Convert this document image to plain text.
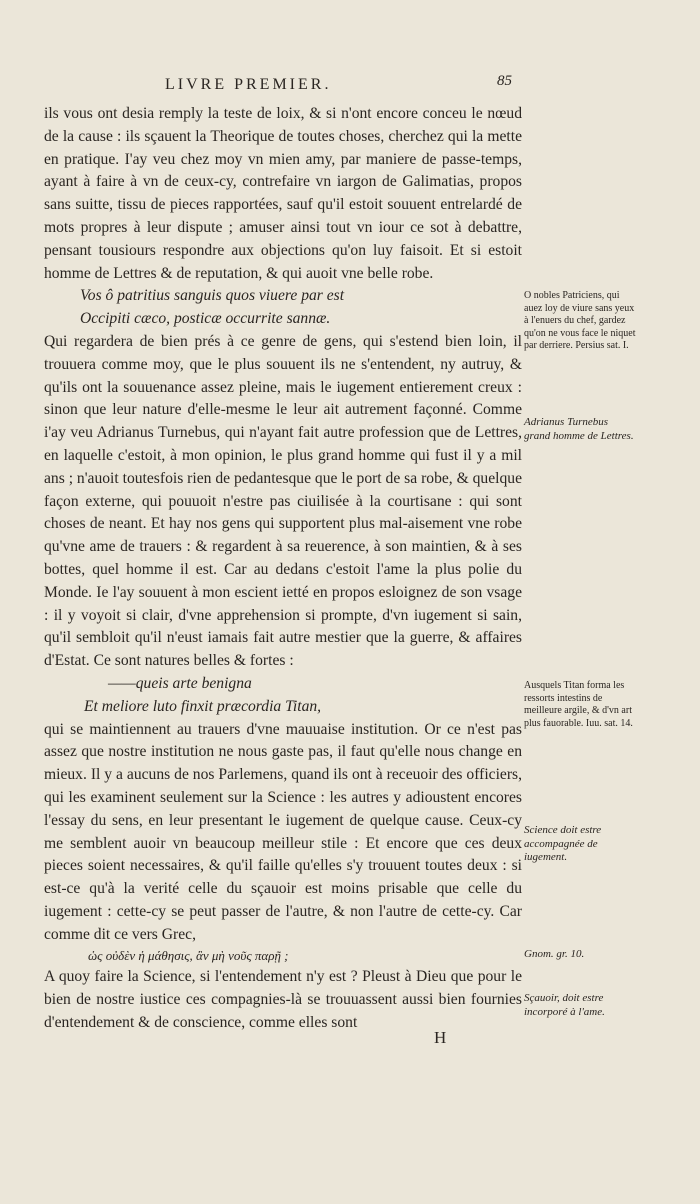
LIVRE PREMIER.	85

ils vous ont desia remply la teste de loix, & si n'ont encore conceu le nœud de la cause : ils sçauent la Theorique de toutes choses, cherchez qui la mette en pratique. I'ay veu chez moy vn mien amy, par maniere de passe-temps, ayant à faire à vn de ceux-cy, contrefaire vn iargon de Galimatias, propos sans suitte, tissu de pieces rapportées, sauf qu'il estoit souuent entrelardé de mots propres à leur dispute ; amuser ainsi tout vn iour ce sot à debattre, pensant tousiours respondre aux objections qu'on luy faisoit. Et si estoit homme de Lettres & de reputation, & qui auoit vne belle robe.

Vos ô patritius sanguis quos viuere par est

Occipiti cæco, posticæ occurrite sannæ.

Qui regardera de bien prés à ce genre de gens, qui s'estend bien loin, il trouuera comme moy, que le plus souuent ils ne s'entendent, ny autruy, & qu'ils ont la souuenance assez pleine, mais le iugement entierement creux : sinon que leur nature d'elle-mesme le leur ait autrement façonné. Comme i'ay veu Adrianus Turnebus, qui n'ayant fait autre profession que de Lettres, en laquelle c'estoit, à mon opinion, le plus grand homme qui fust il y a mil ans ; n'auoit toutesfois rien de pedantesque que le port de sa robe, & quelque façon externe, qui pouuoit n'estre pas ciuilisée à la courtisane : qui sont choses de neant. Et hay nos gens qui supportent plus mal-aisement vne robe qu'vne ame de trauers : & regardent à sa reuerence, à son maintien, & à ses bottes, quel homme il est. Car au dedans c'estoit l'ame la plus polie du Monde. Ie l'ay souuent à mon escient ietté en propos esloignez de son vsage : il y voyoit si clair, d'vne apprehension si prompte, d'vn iugement si sain, qu'il sembloit qu'il n'eust iamais fait autre mestier que la guerre, & affaires d'Estat. Ce sont natures belles & fortes :

——queis arte benigna

Et meliore luto finxit præcordia Titan,

qui se maintiennent au trauers d'vne mauuaise institution. Or ce n'est pas assez que nostre institution ne nous gaste pas, il faut qu'elle nous change en mieux. Il y a aucuns de nos Parlemens, quand ils ont à receuoir des officiers, qui les examinent seulement sur la Science : les autres y adioustent encores l'essay du sens, en leur presentant le iugement de quelque cause. Ceux-cy me semblent auoir vn beaucoup meilleur stile : Et encore que ces deux pieces soient necessaires, & qu'il faille qu'elles s'y trouuent toutes deux : si est-ce qu'à la verité celle du sçauoir est moins prisable que celle du iugement : cette-cy se peut passer de l'autre, & non l'autre de cette-cy. Car comme dit ce vers Grec,

ὡς οὐδὲν ἡ μάθησις, ἂν μὴ νοῦς παρῇ ;

A quoy faire la Science, si l'entendement n'y est ? Pleust à Dieu que pour le bien de nostre iustice ces compagnies-là se trouuassent aussi bien fournies d'entendement & de conscience, comme elles sont

O nobles Patriciens, qui auez loy de viure sans yeux à l'enuers du chef, gardez qu'on ne vous face le niquet par derriere. Persius sat. I.
Adrianus Turnebus grand homme de Lettres.
Ausquels Titan forma les ressorts intestins de meilleure argile, & d'vn art plus fauorable. Iuu. sat. 14.
Science doit estre accompagnée de iugement.
Gnom. gr. 10.
Sçauoir, doit estre incorporé à l'ame.
H
